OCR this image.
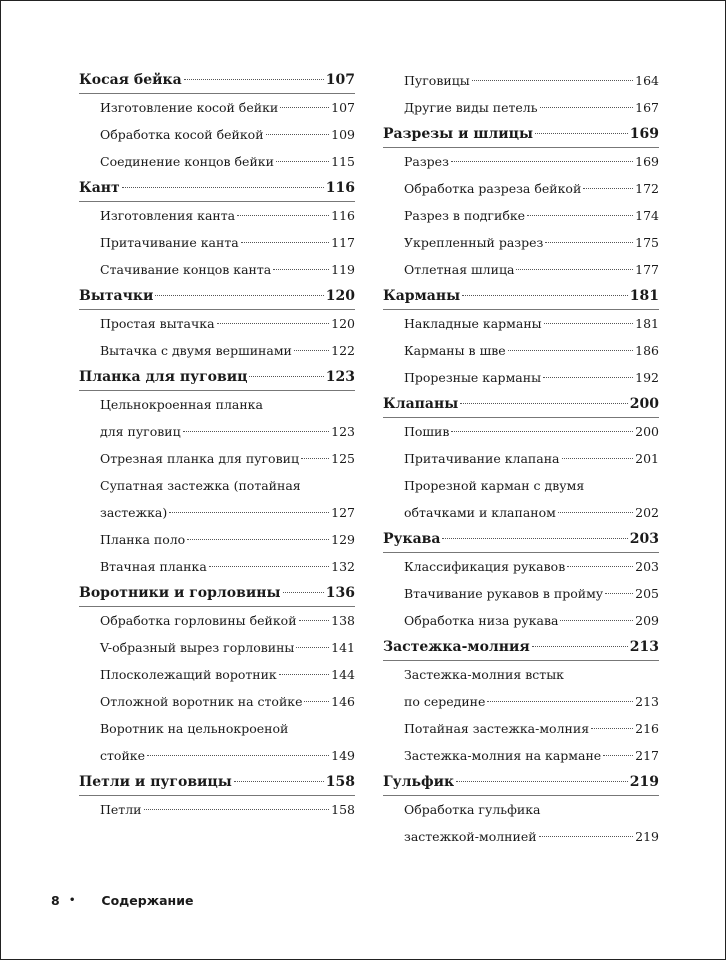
Косая бейка	107
Изготовление косой бейки	107
Обработка косой бейкой	109
Соединение концов бейки	115
Кант	116
Изготовления канта	116
Притачивание канта	117
Стачивание концов канта	119
Вытачки	120
Простая вытачка	120
Вытачка с двумя вершинами	122
Планка для пуговиц	123
Цельнокроенная планка
для пуговиц	123
Отрезная планка для пуговиц	125
Супатная застежка (потайная
застежка)	127
Планка поло	129
Втачная планка	132
Воротники и горловины	136
Обработка горловины бейкой	138
V-образный вырез горловины	141
Плосколежащий воротник	144
Отложной воротник на стойке 146
Воротник на цельнокроеной
стойке	149
Петли и пуговицы	158
Петли	158
Пуговицы	164
Другие виды петель	167
Разрезы и шлицы	169
Разрез	169
Обработка разреза бейкой	172
Разрез в подгибке	174
Укрепленный разрез	175
Отлетная шлица	177
Карманы	181
Накладные карманы	181
Карманы в шве	186
Прорезные карманы	192
Клапаны	200
Пошив	200
Притачивание клапана	201
Прорезной карман с двумя
обтачками и клапаном	202
Рукава	203
Классификация рукавов	203
Втачивание рукавов в пройму	205
Обработка низа рукава	209
Застежка-молния	213
Застежка-молния встык
по середине	213
Потайная застежка-молния	216
Застежка-молния на кармане	217
Гульфик	219
Обработка гульфика
застежкой-молнией	219
8 • Содержание
